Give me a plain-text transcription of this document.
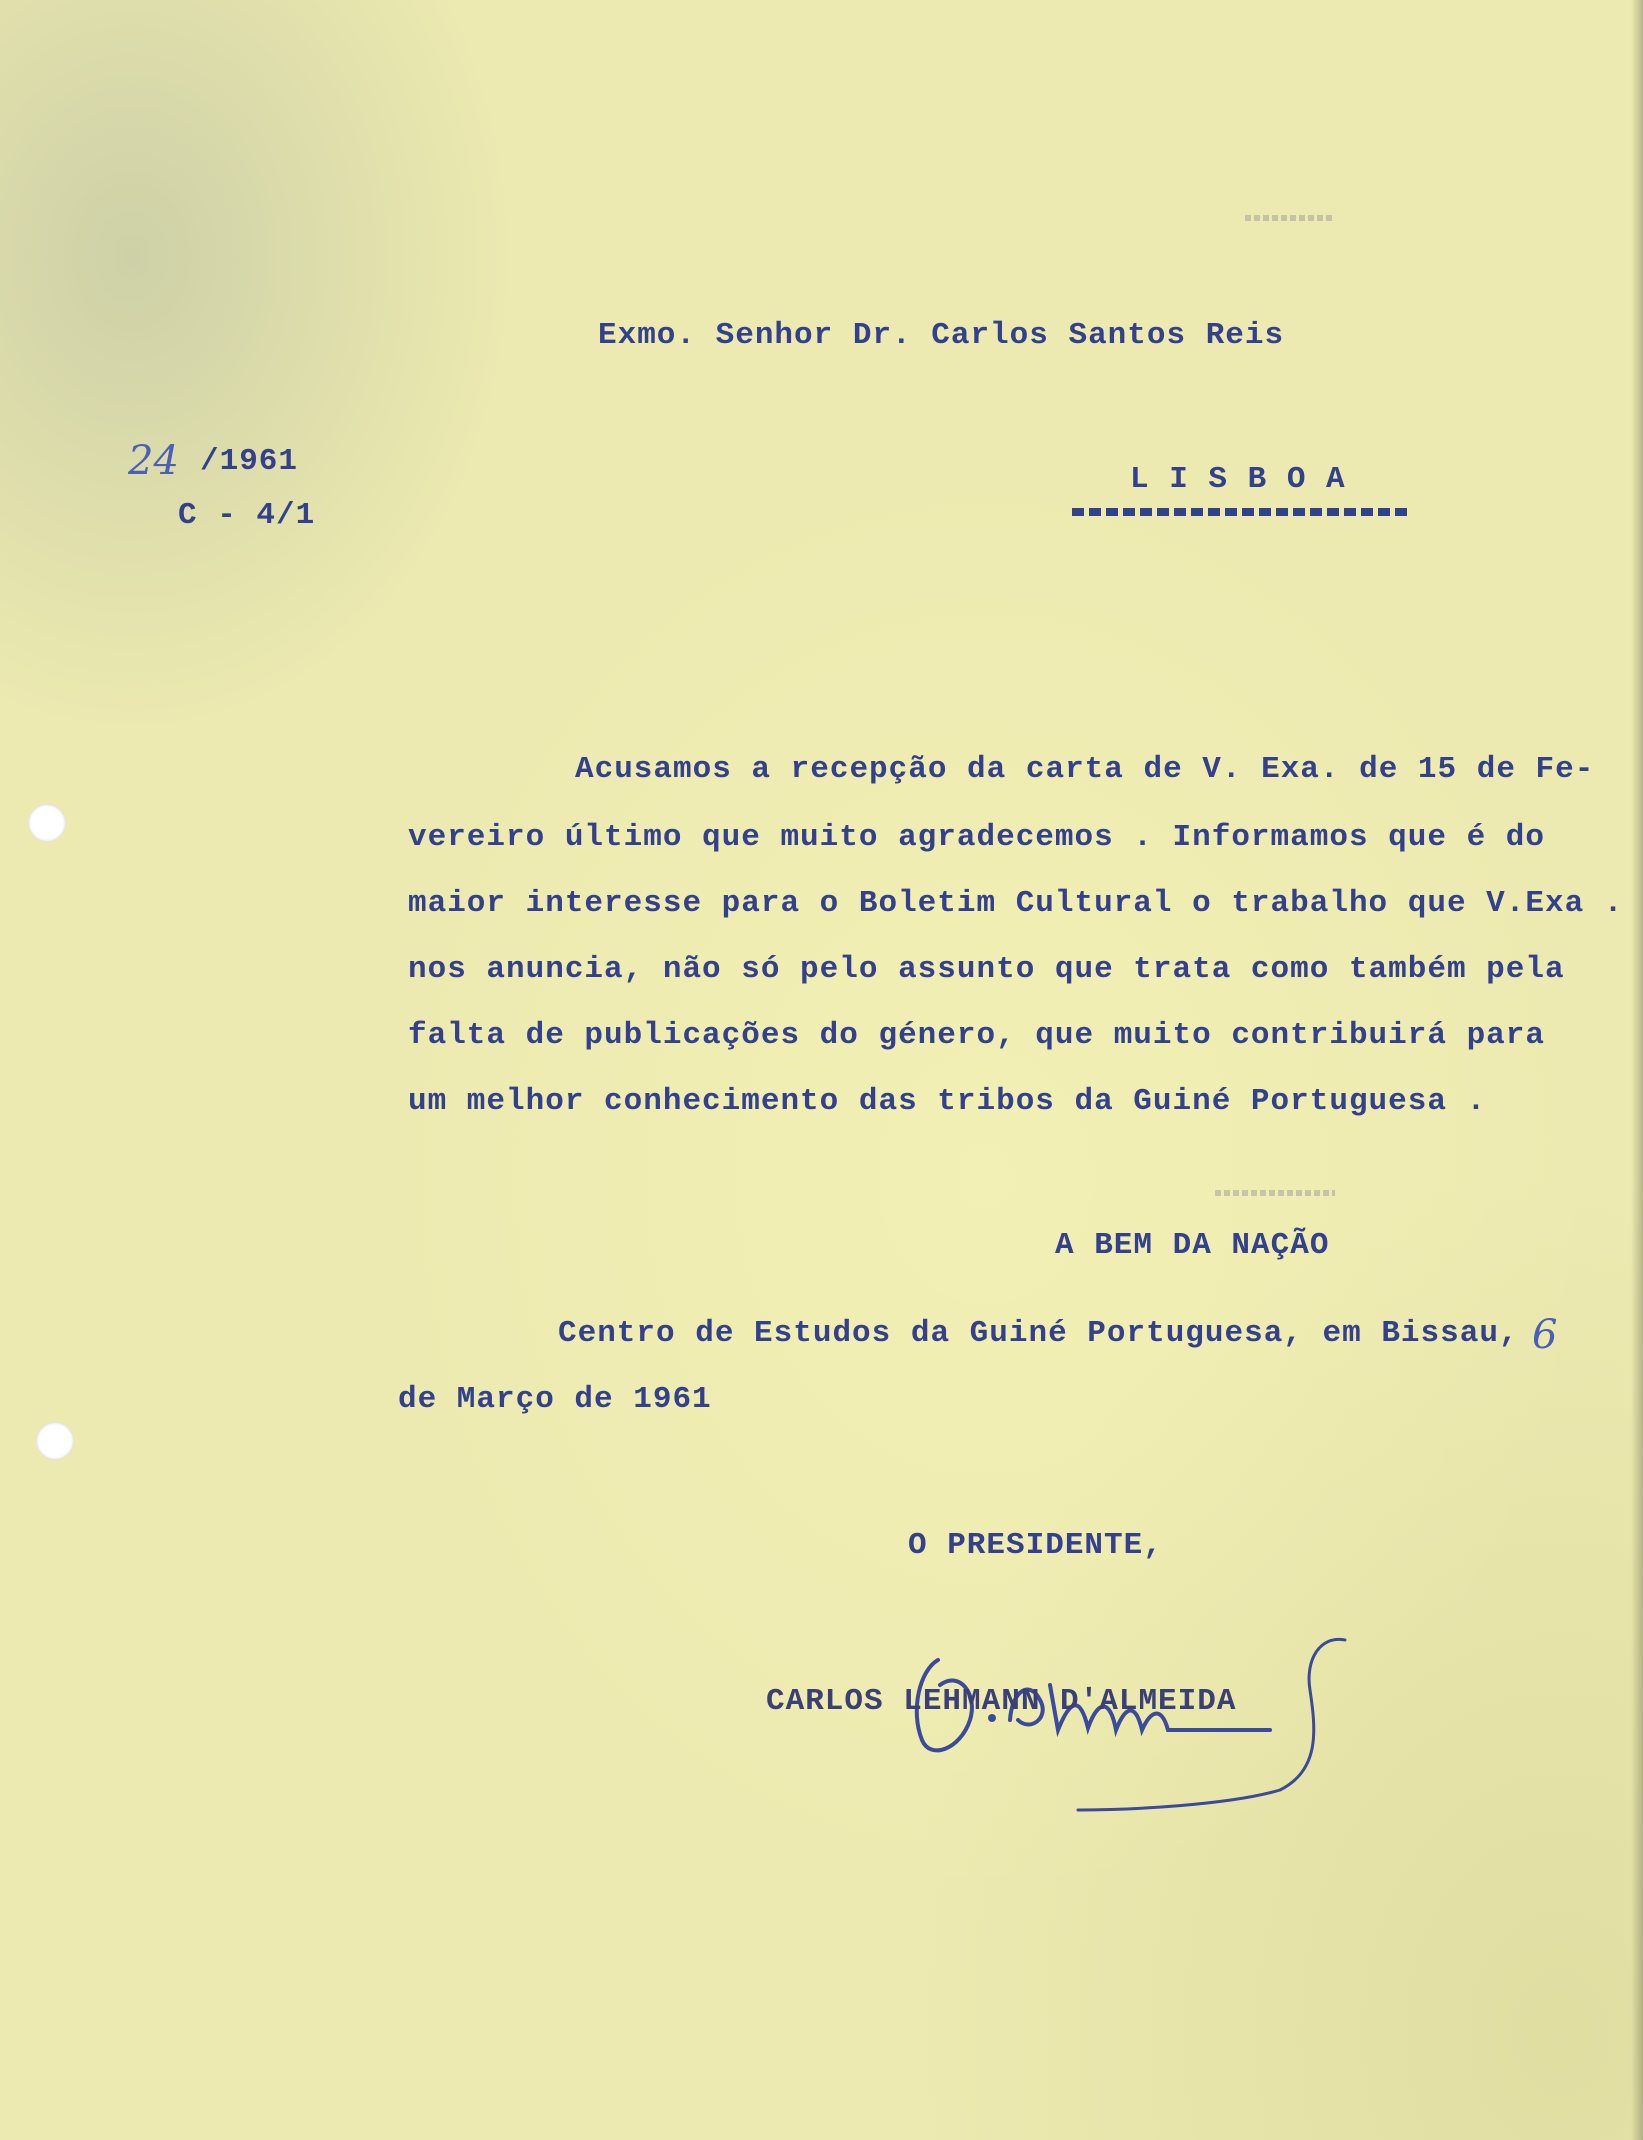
24 /1961
C - 4/1
Exmo. Senhor Dr. Carlos Santos Reis
L I S B O A
Acusamos a recepção da carta de V. Exa. de 15 de Fe-
vereiro último que muito agradecemos . Informamos que é do
maior interesse para o Boletim Cultural o trabalho que V.Exa .
nos anuncia, não só pelo assunto que trata como também pela
falta de publicações do género, que muito contribuirá para
um melhor conhecimento das tribos da Guiné Portuguesa .
A BEM DA NAÇÃO
Centro de Estudos da Guiné Portuguesa, em Bissau, 6
de Março de 1961
O PRESIDENTE,
CARLOS LEHMANN D'ALMEIDA
